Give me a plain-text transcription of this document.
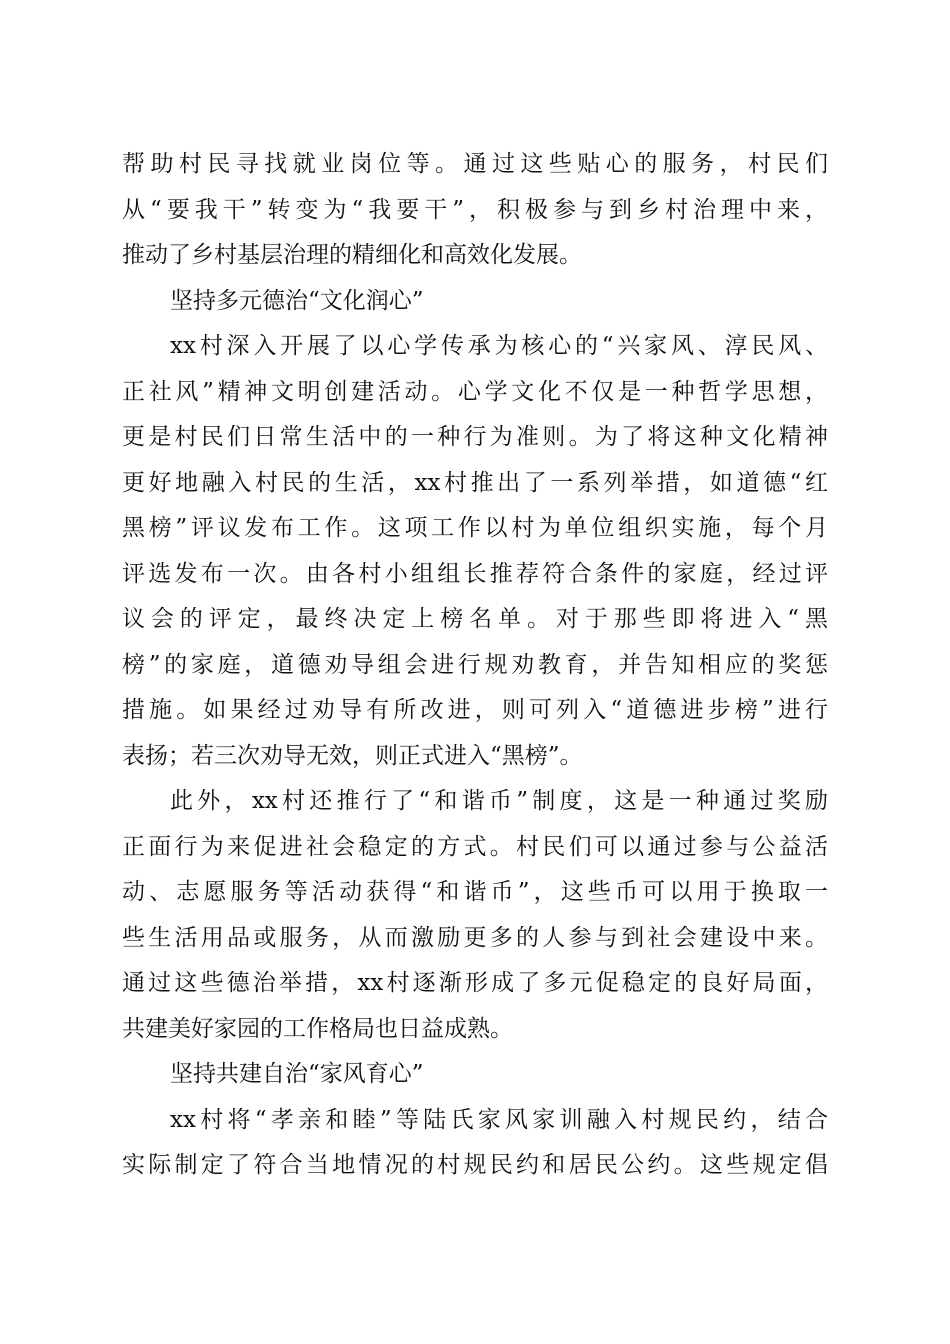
帮助村民寻找就业岗位等。通过这些贴心的服务，村民们
从“要我干”转变为“我要干”，积极参与到乡村治理中来，
推动了乡村基层治理的精细化和高效化发展。
坚持多元德治“文化润心”
xx村深入开展了以心学传承为核心的“兴家风、淳民风、
正社风”精神文明创建活动。心学文化不仅是一种哲学思想，
更是村民们日常生活中的一种行为准则。为了将这种文化精神
更好地融入村民的生活，xx村推出了一系列举措，如道德“红
黑榜”评议发布工作。这项工作以村为单位组织实施，每个月
评选发布一次。由各村小组组长推荐符合条件的家庭，经过评
议会的评定，最终决定上榜名单。对于那些即将进入“黑
榜”的家庭，道德劝导组会进行规劝教育，并告知相应的奖惩
措施。如果经过劝导有所改进，则可列入“道德进步榜”进行
表扬；若三次劝导无效，则正式进入“黑榜”。
此外，xx村还推行了“和谐币”制度，这是一种通过奖励
正面行为来促进社会稳定的方式。村民们可以通过参与公益活
动、志愿服务等活动获得“和谐币”，这些币可以用于换取一
些生活用品或服务，从而激励更多的人参与到社会建设中来。
通过这些德治举措，xx村逐渐形成了多元促稳定的良好局面，
共建美好家园的工作格局也日益成熟。
坚持共建自治“家风育心”
xx村将“孝亲和睦”等陆氏家风家训融入村规民约，结合
实际制定了符合当地情况的村规民约和居民公约。这些规定倡
